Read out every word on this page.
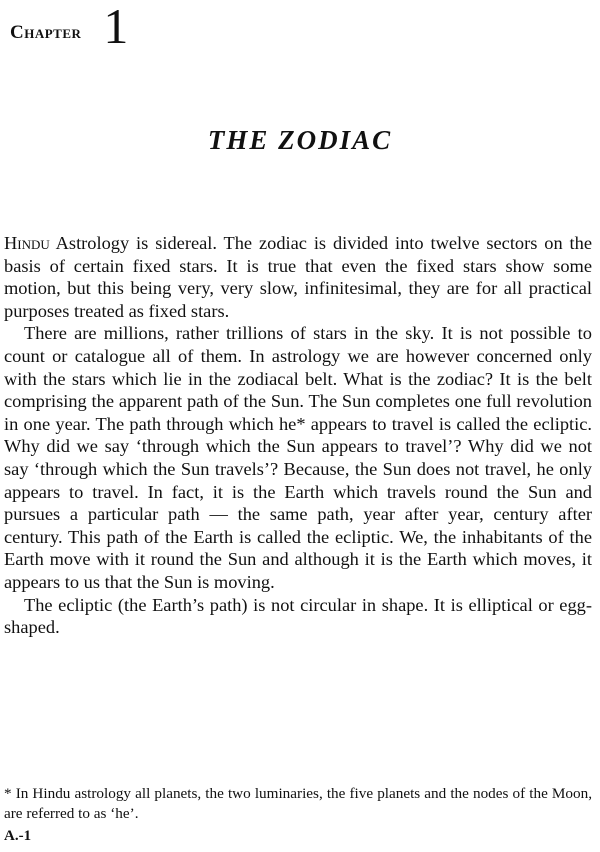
Chapter 1
THE ZODIAC

Hindu Astrology is sidereal. The zodiac is divided into twelve sectors on the basis of certain fixed stars. It is true that even the fixed stars show some motion, but this being very, very slow, infinitesimal, they are for all practical purposes treated as fixed stars.

There are millions, rather trillions of stars in the sky. It is not possible to count or catalogue all of them. In astrology we are however concerned only with the stars which lie in the zodiacal belt. What is the zodiac? It is the belt comprising the apparent path of the Sun. The Sun completes one full revolution in one year. The path through which he* appears to travel is called the ecliptic. Why did we say ‘through which the Sun appears to travel’? Why did we not say ‘through which the Sun travels’? Because, the Sun does not travel, he only appears to travel. In fact, it is the Earth which travels round the Sun and pursues a particular path — the same path, year after year, century after century. This path of the Earth is called the ecliptic. We, the inhabitants of the Earth move with it round the Sun and although it is the Earth which moves, it appears to us that the Sun is moving.

The ecliptic (the Earth’s path) is not circular in shape. It is elliptical or egg-shaped.

* In Hindu astrology all planets, the two luminaries, the five planets and the nodes of the Moon, are referred to as ‘he’.

A.-1
